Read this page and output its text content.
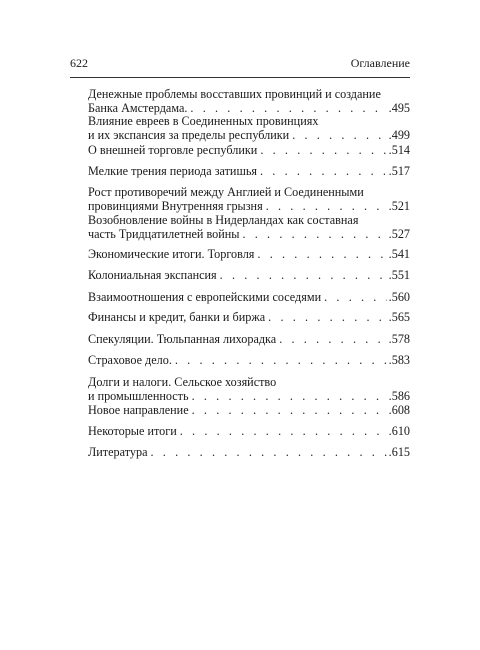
622	Оглавление
Денежные проблемы восставших провинций и создание
Банка Амстердама. . . .	.495
Влияние евреев в Соединенных провинциях
и их экспансия за пределы республики . . .	.499
О внешней торговле республики . . .	.514
Мелкие трения периода затишья . . .	.517
Рост противоречий между Англией и Соединенными
провинциями Внутренняя грызня . . .	.521
Возобновление войны в Нидерландах как составная
часть Тридцатилетней войны . . .	.527
Экономические итоги. Торговля . . .	.541
Колониальная экспансия . . .	.551
Взаимоотношения с европейскими соседями . . .	.560
Финансы и кредит, банки и биржа . . .	.565
Спекуляции. Тюльпанная лихорадка . . .	.578
Страховое дело. . . .	.583
Долги и налоги. Сельское хозяйство
и промышленность . . .	.586
Новое направление . . .	.608
Некоторые итоги . . .	.610
Литература . . .	.615
